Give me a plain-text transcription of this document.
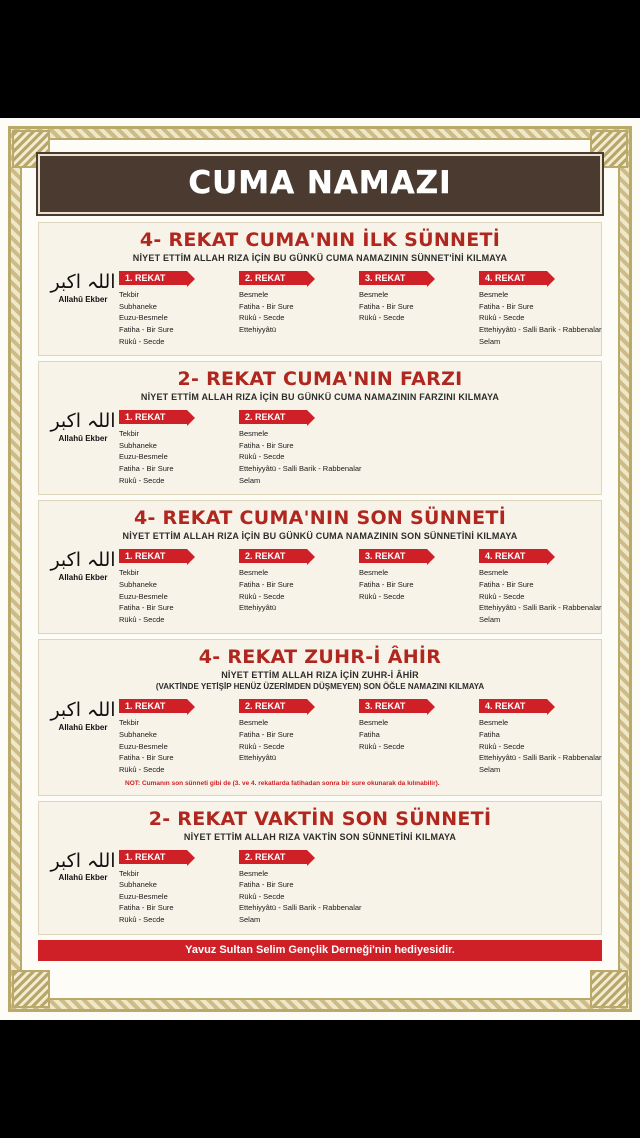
CUMA NAMAZI
4- REKAT CUMA'NIN İLK SÜNNETİ
NİYET ETTİM ALLAH RIZA İÇİN BU GÜNKÜ CUMA NAMAZININ SÜNNET'İNİ KILMAYA
اللہ اکبر
Allahû Ekber
1. REKAT
Tekbir
Subhaneke
Euzu-Besmele
Fatiha - Bir Sure
Rükû - Secde
2. REKAT
Besmele
Fatiha - Bir Sure
Rükû - Secde
Ettehiyyâtü
3. REKAT
Besmele
Fatiha - Bir Sure
Rükû - Secde
4. REKAT
Besmele
Fatiha - Bir Sure
Rükû - Secde
Ettehiyyâtü - Salli Barik - Rabbenalar
Selam
2- REKAT CUMA'NIN FARZI
NİYET ETTİM ALLAH RIZA İÇİN BU GÜNKÜ CUMA NAMAZININ FARZINI KILMAYA
اللہ اکبر
Allahû Ekber
1. REKAT
Tekbir
Subhaneke
Euzu-Besmele
Fatiha - Bir Sure
Rükû - Secde
2. REKAT
Besmele
Fatiha - Bir Sure
Rükû - Secde
Ettehiyyâtü - Salli Barik - Rabbenalar
Selam
4- REKAT CUMA'NIN SON SÜNNETİ
NİYET ETTİM ALLAH RIZA İÇİN BU GÜNKÜ CUMA NAMAZININ SON SÜNNETİNİ KILMAYA
اللہ اکبر
Allahû Ekber
1. REKAT
Tekbir
Subhaneke
Euzu-Besmele
Fatiha - Bir Sure
Rükû - Secde
2. REKAT
Besmele
Fatiha - Bir Sure
Rükû - Secde
Ettehiyyâtü
3. REKAT
Besmele
Fatiha - Bir Sure
Rükû - Secde
4. REKAT
Besmele
Fatiha - Bir Sure
Rükû - Secde
Ettehiyyâtü - Salli Barik - Rabbenalar
Selam
4- REKAT ZUHR-İ ÂHİR
NİYET ETTİM ALLAH RIZA İÇİN ZUHR-İ ÂHİR
(VAKTİNDE YETİŞİP HENÜZ ÜZERİMDEN DÜŞMEYEN) SON ÖĞLE NAMAZINI KILMAYA
اللہ اکبر
Allahû Ekber
1. REKAT
Tekbir
Subhaneke
Euzu-Besmele
Fatiha - Bir Sure
Rükû - Secde
2. REKAT
Besmele
Fatiha - Bir Sure
Rükû - Secde
Ettehiyyâtü
3. REKAT
Besmele
Fatiha
Rükû - Secde
4. REKAT
Besmele
Fatiha
Rükû - Secde
Ettehiyyâtü - Salli Barik - Rabbenalar
Selam
NOT: Cumanın son sünneti gibi de (3. ve 4. rekatlarda fatihadan sonra bir sure okunarak da kılınabilir).
2- REKAT VAKTİN SON SÜNNETİ
NİYET ETTİM ALLAH RIZA VAKTİN SON SÜNNETİNİ KILMAYA
اللہ اکبر
Allahû Ekber
1. REKAT
Tekbir
Subhaneke
Euzu-Besmele
Fatiha - Bir Sure
Rükû - Secde
2. REKAT
Besmele
Fatiha - Bir Sure
Rükû - Secde
Ettehiyyâtü - Salli Barik - Rabbenalar
Selam
Yavuz Sultan Selim Gençlik Derneği'nin hediyesidir.
